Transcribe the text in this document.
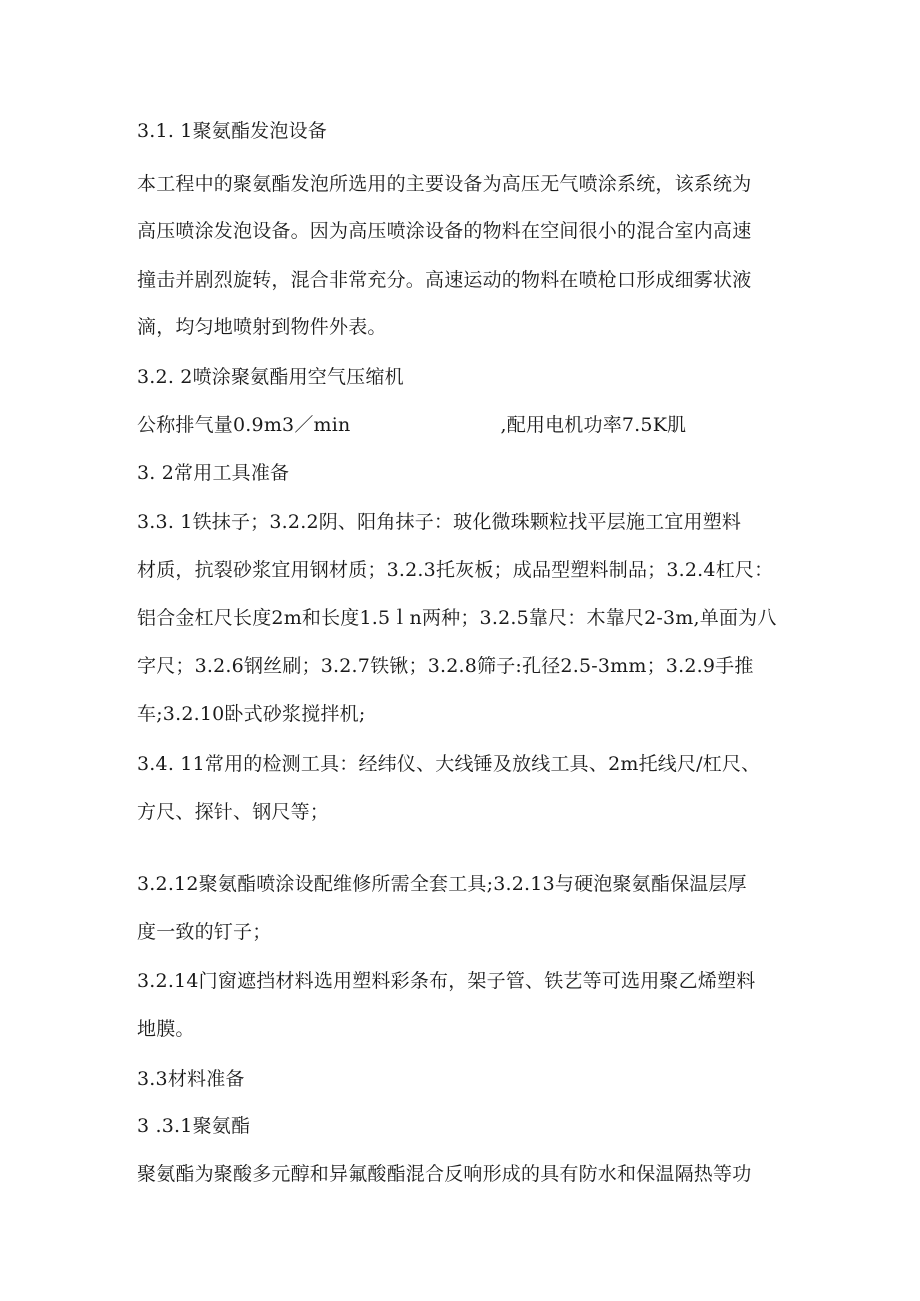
3.1. 1聚氨酯发泡设备
本工程中的聚氨酯发泡所选用的主要设备为高压无气喷涂系统，该系统为
高压喷涂发泡设备。因为高压喷涂设备的物料在空间很小的混合室内高速
撞击并剧烈旋转，混合非常充分。高速运动的物料在喷枪口形成细雾状液
滴，均匀地喷射到物件外表。
3.2. 2喷涂聚氨酯用空气压缩机
公称排气量0.9m3／min	,配用电机功率7.5K肌
3. 2常用工具准备
3.3. 1铁抹子；3.2.2阴、阳角抹子：玻化微珠颗粒找平层施工宜用塑料
材质，抗裂砂浆宜用钢材质；3.2.3托灰板；成品型塑料制品；3.2.4杠尺：
铝合金杠尺长度2m和长度1.5ｌn两种；3.2.5靠尺：木靠尺2-3m,单面为八
字尺；3.2.6钢丝刷；3.2.7铁锹；3.2.8筛子:孔径2.5-3mm；3.2.9手推
车;3.2.10卧式砂浆搅拌机;
3.4. 11常用的检测工具：经纬仪、大线锤及放线工具、2m托线尺/杠尺、
方尺、探针、钢尺等；
3.2.12聚氨酯喷涂设配维修所需全套工具;3.2.13与硬泡聚氨酯保温层厚
度一致的钉子；
3.2.14门窗遮挡材料选用塑料彩条布，架子管、铁艺等可选用聚乙烯塑料
地膜。
3.3材料准备
3 .3.1聚氨酯
聚氨酯为聚酸多元醇和异氟酸酯混合反响形成的具有防水和保温隔热等功
